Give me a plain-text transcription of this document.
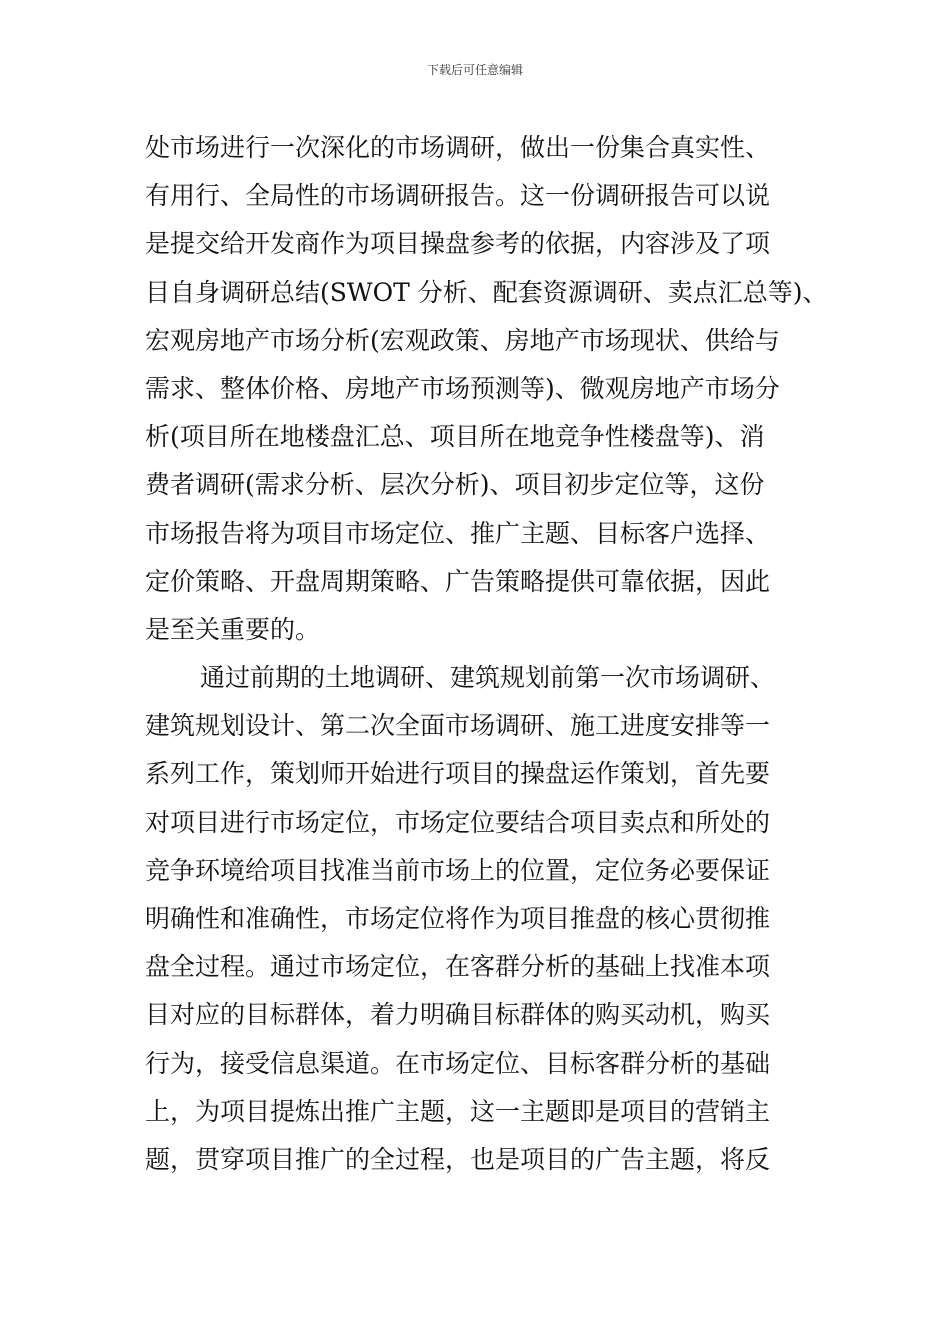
下载后可任意编辑
处市场进行一次深化的市场调研，做出一份集合真实性、
有用行、全局性的市场调研报告。这一份调研报告可以说
是提交给开发商作为项目操盘参考的依据，内容涉及了项
目自身调研总结(SWOT 分析、配套资源调研、卖点汇总等)、
宏观房地产市场分析(宏观政策、房地产市场现状、供给与
需求、整体价格、房地产市场预测等)、微观房地产市场分
析(项目所在地楼盘汇总、项目所在地竞争性楼盘等)、消
费者调研(需求分析、层次分析)、项目初步定位等，这份
市场报告将为项目市场定位、推广主题、目标客户选择、
定价策略、开盘周期策略、广告策略提供可靠依据，因此
是至关重要的。
通过前期的土地调研、建筑规划前第一次市场调研、
建筑规划设计、第二次全面市场调研、施工进度安排等一
系列工作，策划师开始进行项目的操盘运作策划，首先要
对项目进行市场定位，市场定位要结合项目卖点和所处的
竞争环境给项目找准当前市场上的位置，定位务必要保证
明确性和准确性，市场定位将作为项目推盘的核心贯彻推
盘全过程。通过市场定位，在客群分析的基础上找准本项
目对应的目标群体，着力明确目标群体的购买动机，购买
行为，接受信息渠道。在市场定位、目标客群分析的基础
上，为项目提炼出推广主题，这一主题即是项目的营销主
题，贯穿项目推广的全过程，也是项目的广告主题，将反
